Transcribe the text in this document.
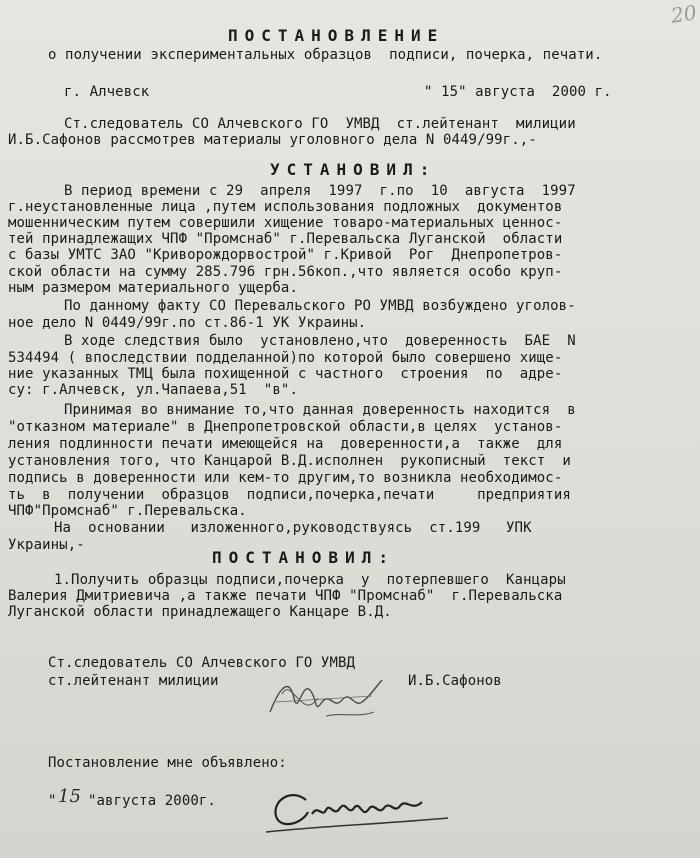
20
ПОСТАНОВЛЕНИЕ
о получении экспериментальных образцов  подписи, почерка, печати.
г. Алчевск	" 15" августа  2000 г.
Ст.следователь СО Алчевского ГО  УМВД  ст.лейтенант  милиции
И.Б.Сафонов рассмотрев материалы уголовного дела N 0449/99г.,-
УСТАНОВИЛ:
В период времени с 29  апреля  1997  г.по  10  августа  1997
г.неустановленные лица ,путем использования подложных  документов
мошенническим путем совершили хищение товаро-материальных ценнос-
тей принадлежащих ЧПФ "Промснаб" г.Перевальска Луганской  области
с базы УМТС ЗАО "Криворождорвострой" г.Кривой  Рог  Днепропетров-
ской области на сумму 285.796 грн.56коп.,что является особо круп-
ным размером материального ущерба.
По данному факту СО Перевальского РО УМВД возбуждено уголов-
ное дело N 0449/99г.по ст.86-1 УК Украины.
В ходе следствия было  установлено,что  доверенность  БАЕ  N
534494 ( впоследствии подделанной)по которой было совершено хище-
ние указанных ТМЦ была похищенной с частного  строения  по  адре-
су: г.Алчевск, ул.Чапаева,51  "в".
Принимая во внимание то,что данная доверенность находится  в
"отказном материале" в Днепропетровской области,в целях  установ-
ления подлинности печати имеющейся на  доверенности,а  также  для
установления того, что Канцарой В.Д.исполнен  рукописный  текст  и
подпись в доверенности или кем-то другим,то возникла необходимос-
ть  в  получении  образцов  подписи,почерка,печати     предприятия
ЧПФ"Промснаб" г.Перевальска.
На  основании   изложенного,руководствуясь  ст.199   УПК
Украины,-
ПОСТАНОВИЛ:
1.Получить образцы подписи,почерка  у  потерпевшего  Канцары
Валерия Дмитриевича ,а также печати ЧПФ "Промснаб"  г.Перевальска
Луганской области принадлежащего Канцаре В.Д.
Ст.следователь СО Алчевского ГО УМВД
ст.лейтенант милиции	И.Б.Сафонов
Постановление мне объявлено:
" 15 "августа 2000г.
